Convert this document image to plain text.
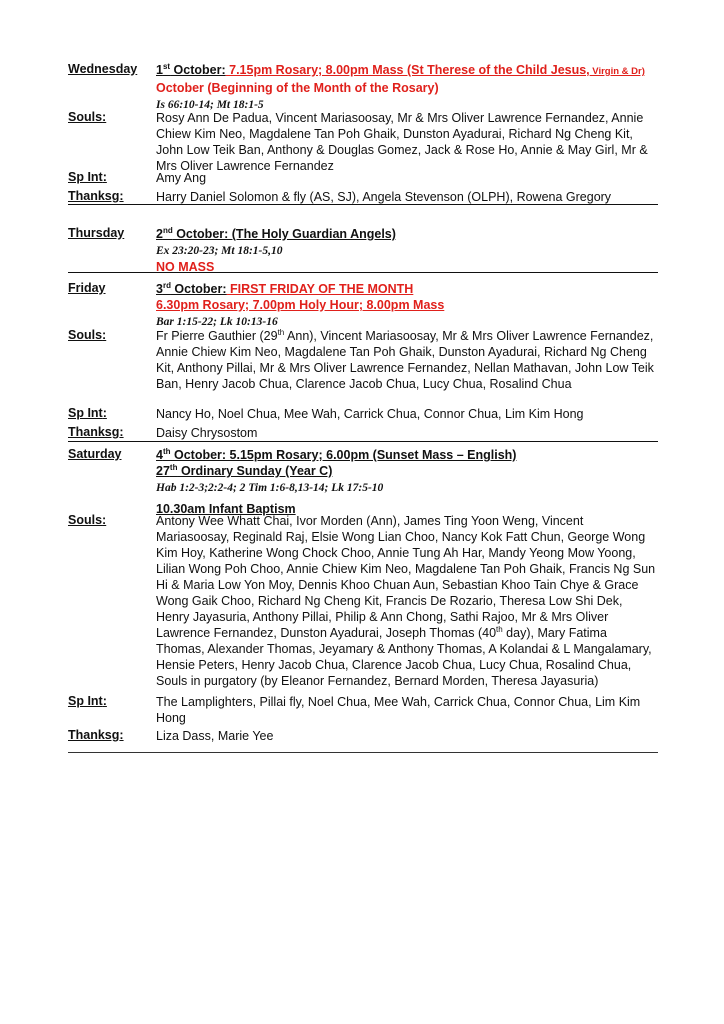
Wednesday 1st October: 7.15pm Rosary; 8.00pm Mass (St Therese of the Child Jesus, Virgin & Dr)
October (Beginning of the Month of the Rosary)
Is 66:10-14; Mt 18:1-5
Souls:	Rosy Ann De Padua, Vincent Mariasoosay, Mr & Mrs Oliver Lawrence Fernandez, Annie Chiew Kim Neo, Magdalene Tan Poh Ghaik, Dunston Ayadurai, Richard Ng Cheng Kit, John Low Teik Ban, Anthony & Douglas Gomez, Jack & Rose Ho, Annie & May Girl, Mr & Mrs Oliver Lawrence Fernandez
Sp Int:	Amy Ang
Thanksg:	Harry Daniel Solomon & fly (AS, SJ), Angela Stevenson (OLPH), Rowena Gregory
Thursday	2nd October: (The Holy Guardian Angels)
Ex 23:20-23; Mt 18:1-5,10
NO MASS
Friday	3rd October: FIRST FRIDAY OF THE MONTH
6.30pm Rosary; 7.00pm Holy Hour; 8.00pm Mass
Bar 1:15-22; Lk 10:13-16
Souls:	Fr Pierre Gauthier (29th Ann), Vincent Mariasoosay, Mr & Mrs Oliver Lawrence Fernandez, Annie Chiew Kim Neo, Magdalene Tan Poh Ghaik, Dunston Ayadurai, Richard Ng Cheng Kit, Anthony Pillai, Mr & Mrs Oliver Lawrence Fernandez, Nellan Mathavan, John Low Teik Ban, Henry Jacob Chua, Clarence Jacob Chua, Lucy Chua, Rosalind Chua
Sp Int:	Nancy Ho, Noel Chua, Mee Wah, Carrick Chua, Connor Chua, Lim Kim Hong
Thanksg:	Daisy Chrysostom
Saturday	4th October: 5.15pm Rosary; 6.00pm (Sunset Mass – English)
27th Ordinary Sunday (Year C)
Hab 1:2-3;2:2-4; 2 Tim 1:6-8,13-14; Lk 17:5-10
10.30am Infant Baptism
Souls:	Antony Wee Whatt Chai, Ivor Morden (Ann), James Ting Yoon Weng, Vincent Mariasoosay, Reginald Raj, Elsie Wong Lian Choo, Nancy Kok Fatt Chun, George Wong Kim Hoy, Katherine Wong Chock Choo, Annie Tung Ah Har, Mandy Yeong Mow Yoong, Lilian Wong Poh Choo, Annie Chiew Kim Neo, Magdalene Tan Poh Ghaik, Francis Ng Sun Hi & Maria Low Yon Moy, Dennis Khoo Chuan Aun, Sebastian Khoo Tain Chye & Grace Wong Gaik Choo, Richard Ng Cheng Kit, Francis De Rozario, Theresa Low Shi Dek, Henry Jayasuria, Anthony Pillai, Philip & Ann Chong, Sathi Rajoo, Mr & Mrs Oliver Lawrence Fernandez, Dunston Ayadurai, Joseph Thomas (40th day), Mary Fatima Thomas, Alexander Thomas, Jeyamary & Anthony Thomas, A Kolandai & L Mangalamary, Hensie Peters, Henry Jacob Chua, Clarence Jacob Chua, Lucy Chua, Rosalind Chua, Souls in purgatory (by Eleanor Fernandez, Bernard Morden, Theresa Jayasuria)
Sp Int:	The Lamplighters, Pillai fly, Noel Chua, Mee Wah, Carrick Chua, Connor Chua, Lim Kim Hong
Thanksg:	Liza Dass, Marie Yee
